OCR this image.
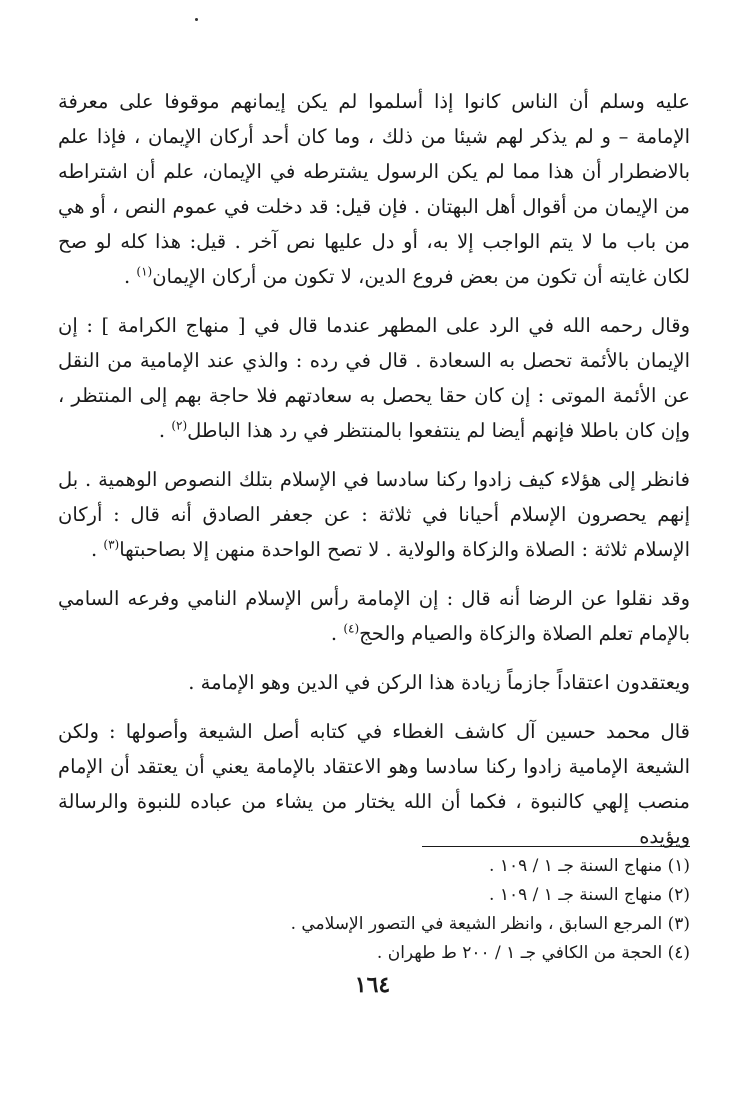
عليه وسلم أن الناس كانوا إذا أسلموا لم يكن إيمانهم موقوفا على معرفة الإمامة – و لم يذكر لهم شيئا من ذلك ، وما كان أحد أركان الإيمان ، فإذا علم بالاضطرار أن هذا مما لم يكن الرسول يشترطه في الإيمان، علم أن اشتراطه من الإيمان من أقوال أهل البهتان . فإن قيل: قد دخلت في عموم النص ، أو هي من باب ما لا يتم الواجب إلا به، أو دل عليها نص آخر . قيل: هذا كله لو صح لكان غايته أن تكون من بعض فروع الدين، لا تكون من أركان الإيمان$^{(١)}$ .

وقال رحمه الله في الرد على المطهر عندما قال في [ منهاج الكرامة ] : إن الإيمان بالأئمة تحصل به السعادة . قال في رده : والذي عند الإمامية من النقل عن الأئمة الموتى : إن كان حقا يحصل به سعادتهم فلا حاجة بهم إلى المنتظر ، وإن كان باطلا فإنهم أيضا لم ينتفعوا بالمنتظر في رد هذا الباطل$^{(٢)}$ .

فانظر إلى هؤلاء كيف زادوا ركنا سادسا في الإسلام بتلك النصوص الوهمية . بل إنهم يحصرون الإسلام أحيانا في ثلاثة : عن جعفر الصادق أنه قال : أركان الإسلام ثلاثة : الصلاة والزكاة والولاية . لا تصح الواحدة منهن إلا بصاحبتها$^{(٣)}$ .

وقد نقلوا عن الرضا أنه قال : إن الإمامة رأس الإسلام النامي وفرعه السامي بالإمام تعلم الصلاة والزكاة والصيام والحج$^{(٤)}$ .

ويعتقدون اعتقاداً جازماً زيادة هذا الركن في الدين وهو الإمامة .

قال محمد حسين آل كاشف الغطاء في كتابه أصل الشيعة وأصولها : ولكن الشيعة الإمامية زادوا ركنا سادسا وهو الاعتقاد بالإمامة يعني أن يعتقد أن الإمام منصب إلهي كالنبوة ، فكما أن الله يختار من يشاء من عباده للنبوة والرسالة ويؤيده

(١) منهاج السنة جـ ١ / ١٠٩ .

(٢) منهاج السنة جـ ١ / ١٠٩ .

(٣) المرجع السابق ، وانظر الشيعة في التصور الإسلامي .

(٤) الحجة من الكافي جـ ١ / ٢٠٠ ط طهران .

١٦٤
